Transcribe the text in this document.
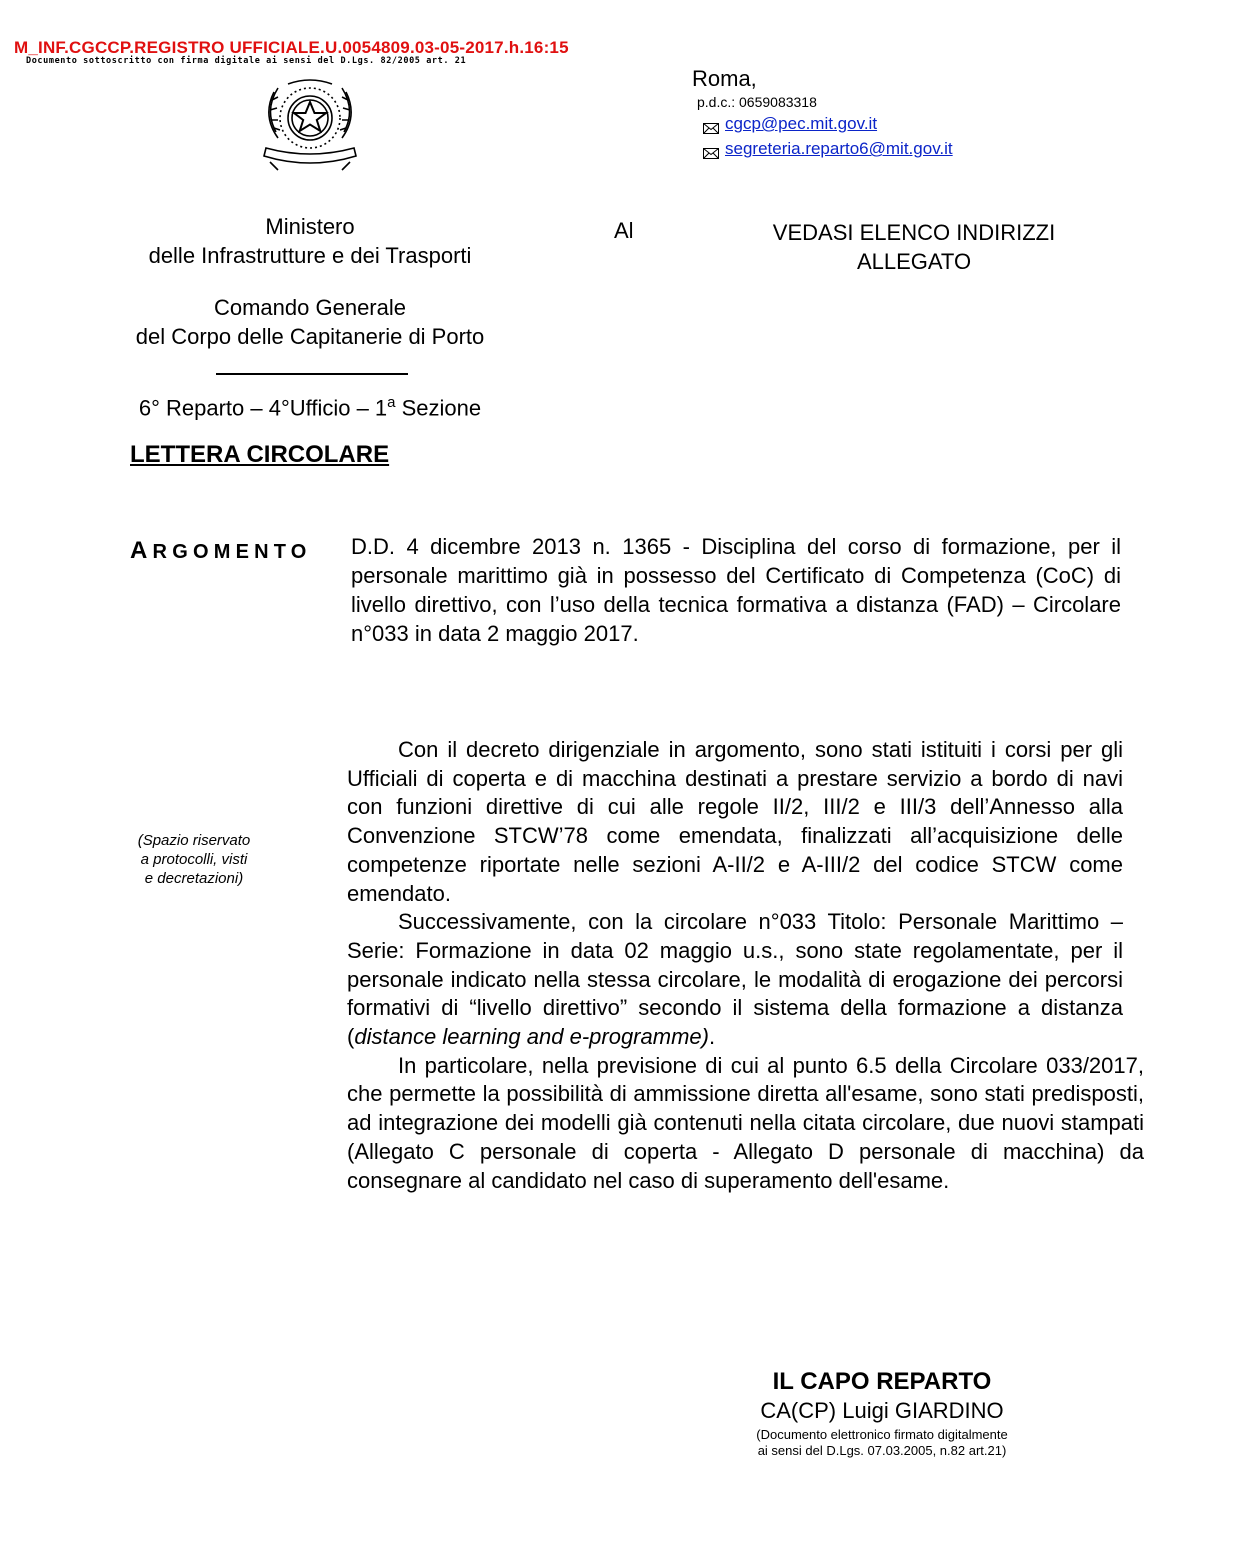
M_INF.CGCCP.REGISTRO UFFICIALE.U.0054809.03-05-2017.h.16:15
Documento sottoscritto con firma digitale ai sensi del D.Lgs. 82/2005 art. 21
Roma,
p.d.c.: 0659083318
cgcp@pec.mit.gov.it
segreteria.reparto6@mit.gov.it
Ministero
delle Infrastrutture e dei Trasporti
Comando Generale
del Corpo delle Capitanerie di Porto
6° Reparto – 4°Ufficio – 1$^a$ Sezione
Al	VEDASI ELENCO INDIRIZZI
ALLEGATO
LETTERA CIRCOLARE
ARGOMENTO D.D. 4 dicembre 2013 n. 1365 - Disciplina del corso di formazione, per il personale marittimo già in possesso del Certificato di Competenza (CoC) di livello direttivo, con l’uso della tecnica formativa a distanza (FAD) – Circolare n°033 in data 2 maggio 2017.
(Spazio riservato
a protocolli, visti
e decretazioni)

Con il decreto dirigenziale in argomento, sono stati istituiti i corsi per gli Ufficiali di coperta e di macchina destinati a prestare servizio a bordo di navi con funzioni direttive di cui alle regole II/2, III/2 e III/3 dell’Annesso alla Convenzione STCW’78 come emendata, finalizzati all’acquisizione delle competenze riportate nelle sezioni A-II/2 e A-III/2 del codice STCW come emendato.

Successivamente, con la circolare n°033 Titolo: Personale Marittimo – Serie: Formazione in data 02 maggio u.s., sono state regolamentate, per il personale indicato nella stessa circolare, le modalità di erogazione dei percorsi formativi di “livello direttivo” secondo il sistema della formazione a distanza (distance learning and e-programme).

In particolare, nella previsione di cui al punto 6.5 della Circolare 033/2017, che permette la possibilità di ammissione diretta all'esame, sono stati predisposti, ad integrazione dei modelli già contenuti nella citata circolare, due nuovi stampati (Allegato C personale di coperta - Allegato D personale di macchina) da consegnare al candidato nel caso di superamento dell'esame.

IL CAPO REPARTO
CA(CP) Luigi GIARDINO
(Documento elettronico firmato digitalmente
ai sensi del D.Lgs. 07.03.2005, n.82 art.21)
